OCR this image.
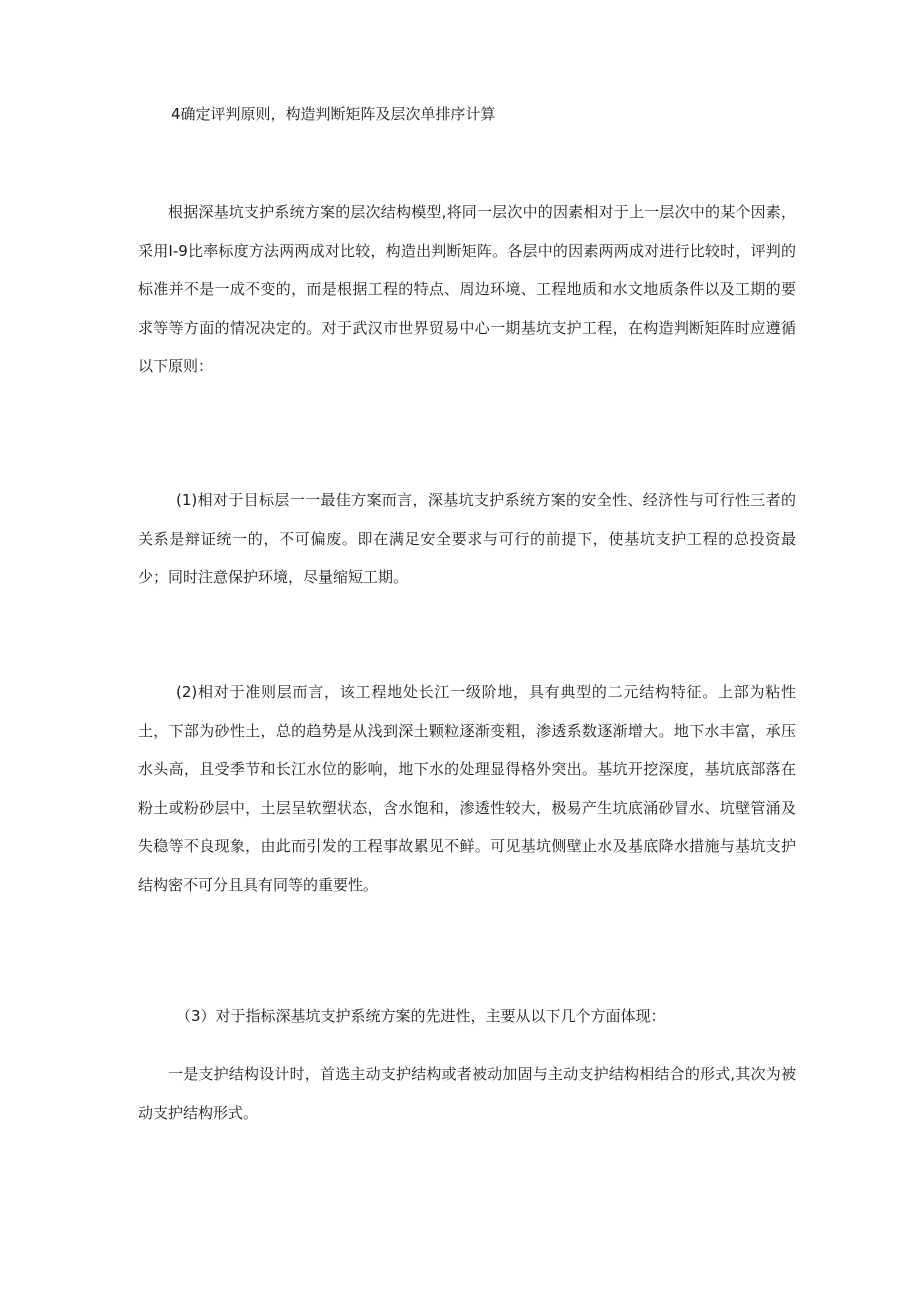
4确定评判原则，构造判断矩阵及层次单排序计算

根据深基坑支护系统方案的层次结构模型,将同一层次中的因素相对于上一层次中的某个因素，采用I-9比率标度方法两两成对比较，构造出判断矩阵。各层中的因素两两成对进行比较时，评判的标准并不是一成不变的，而是根据工程的特点、周边环境、工程地质和水文地质条件以及工期的要求等等方面的情况决定的。对于武汉市世界贸易中心一期基坑支护工程，在构造判断矩阵时应遵循以下原则：

(1)相对于目标层一一最佳方案而言，深基坑支护系统方案的安全性、经济性与可行性三者的关系是辩证统一的，不可偏废。即在满足安全要求与可行的前提下，使基坑支护工程的总投资最少；同时注意保护环境，尽量缩短工期。

(2)相对于准则层而言，该工程地处长江一级阶地，具有典型的二元结构特征。上部为粘性土，下部为砂性土，总的趋势是从浅到深土颗粒逐渐变粗，渗透系数逐渐增大。地下水丰富，承压水头高，且受季节和长江水位的影响，地下水的处理显得格外突出。基坑开挖深度，基坑底部落在粉土或粉砂层中，土层呈软塑状态，含水饱和，渗透性较大，极易产生坑底涌砂冒水、坑壁管涌及失稳等不良现象，由此而引发的工程事故累见不鲜。可见基坑侧壁止水及基底降水措施与基坑支护结构密不可分且具有同等的重要性。

（3）对于指标深基坑支护系统方案的先进性，主要从以下几个方面体现：

一是支护结构设计时，首选主动支护结构或者被动加固与主动支护结构相结合的形式,其次为被动支护结构形式。
